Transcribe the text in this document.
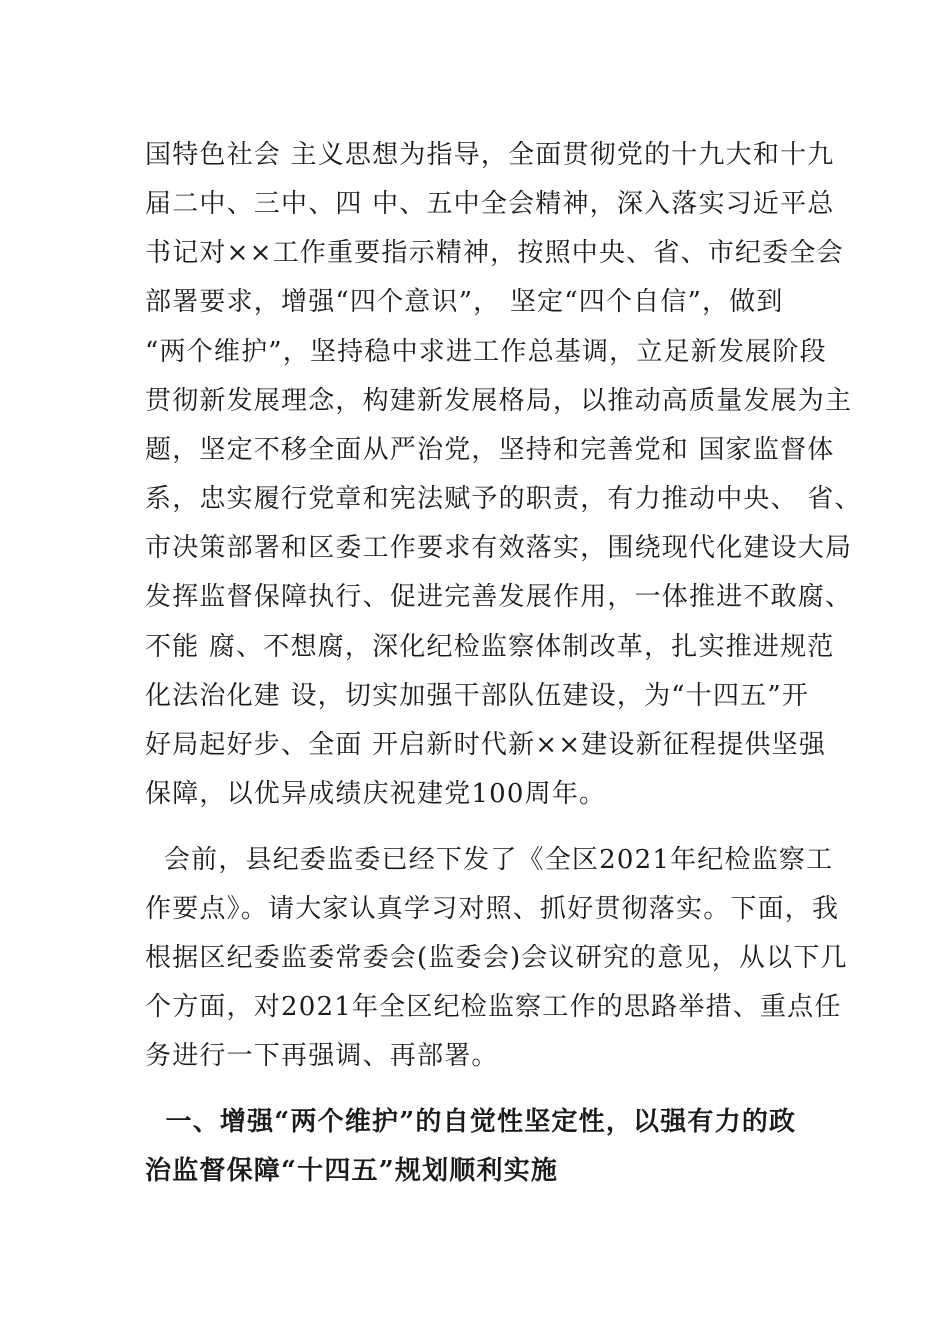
国特色社会 主义思想为指导，全面贯彻党的十九大和十九
届二中、三中、四 中、五中全会精神，深入落实习近平总
书记对××工作重要指示精神，按照中央、省、市纪委全会
部署要求，增强“四个意识”， 坚定“四个自信”，做到
“两个维护”，坚持稳中求进工作总基调，立足新发展阶段
贯彻新发展理念，构建新发展格局，以推动高质量发展为主
题，坚定不移全面从严治党，坚持和完善党和 国家监督体
系，忠实履行党章和宪法赋予的职责，有力推动中央、 省、
市决策部署和区委工作要求有效落实，围绕现代化建设大局
发挥监督保障执行、促进完善发展作用，一体推进不敢腐、
不能 腐、不想腐，深化纪检监察体制改革，扎实推进规范
化法治化建 设，切实加强干部队伍建设，为“十四五”开
好局起好步、全面 开启新时代新××建设新征程提供坚强
保障，以优异成绩庆祝建党100周年。
会前，县纪委监委已经下发了《全区2021年纪检监察工
作要点》。请大家认真学习对照、抓好贯彻落实。下面，我
根据区纪委监委常委会(监委会)会议研究的意见，从以下几
个方面，对2021年全区纪检监察工作的思路举措、重点任
务进行一下再强调、再部署。
一、增强“两个维护”的自觉性坚定性，以强有力的政
治监督保障“十四五”规划顺利实施
